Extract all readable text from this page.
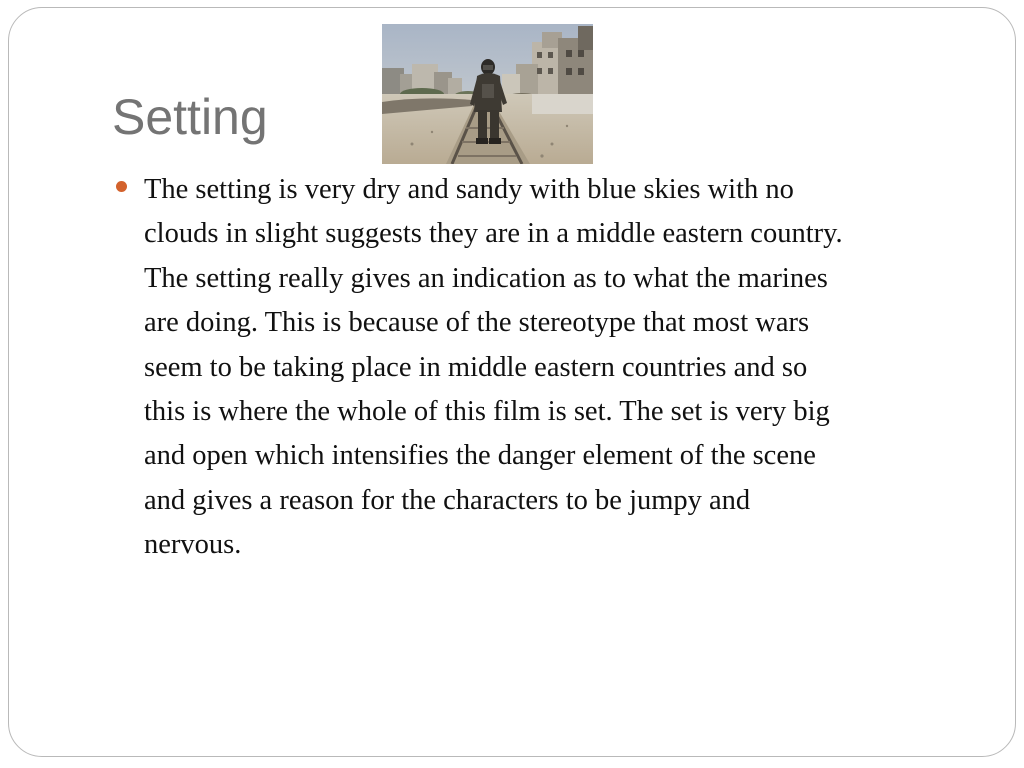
Setting

The setting is very dry and sandy with blue skies with no
clouds in slight suggests they are in a middle eastern country.
The setting really gives an indication as to what the marines
are doing. This is because of the stereotype that most wars
seem to be taking place in middle eastern countries and so
this is where the whole of this film is set. The set is very big
and open which intensifies the danger element of the scene
and gives a reason for the characters to be jumpy and
nervous.
